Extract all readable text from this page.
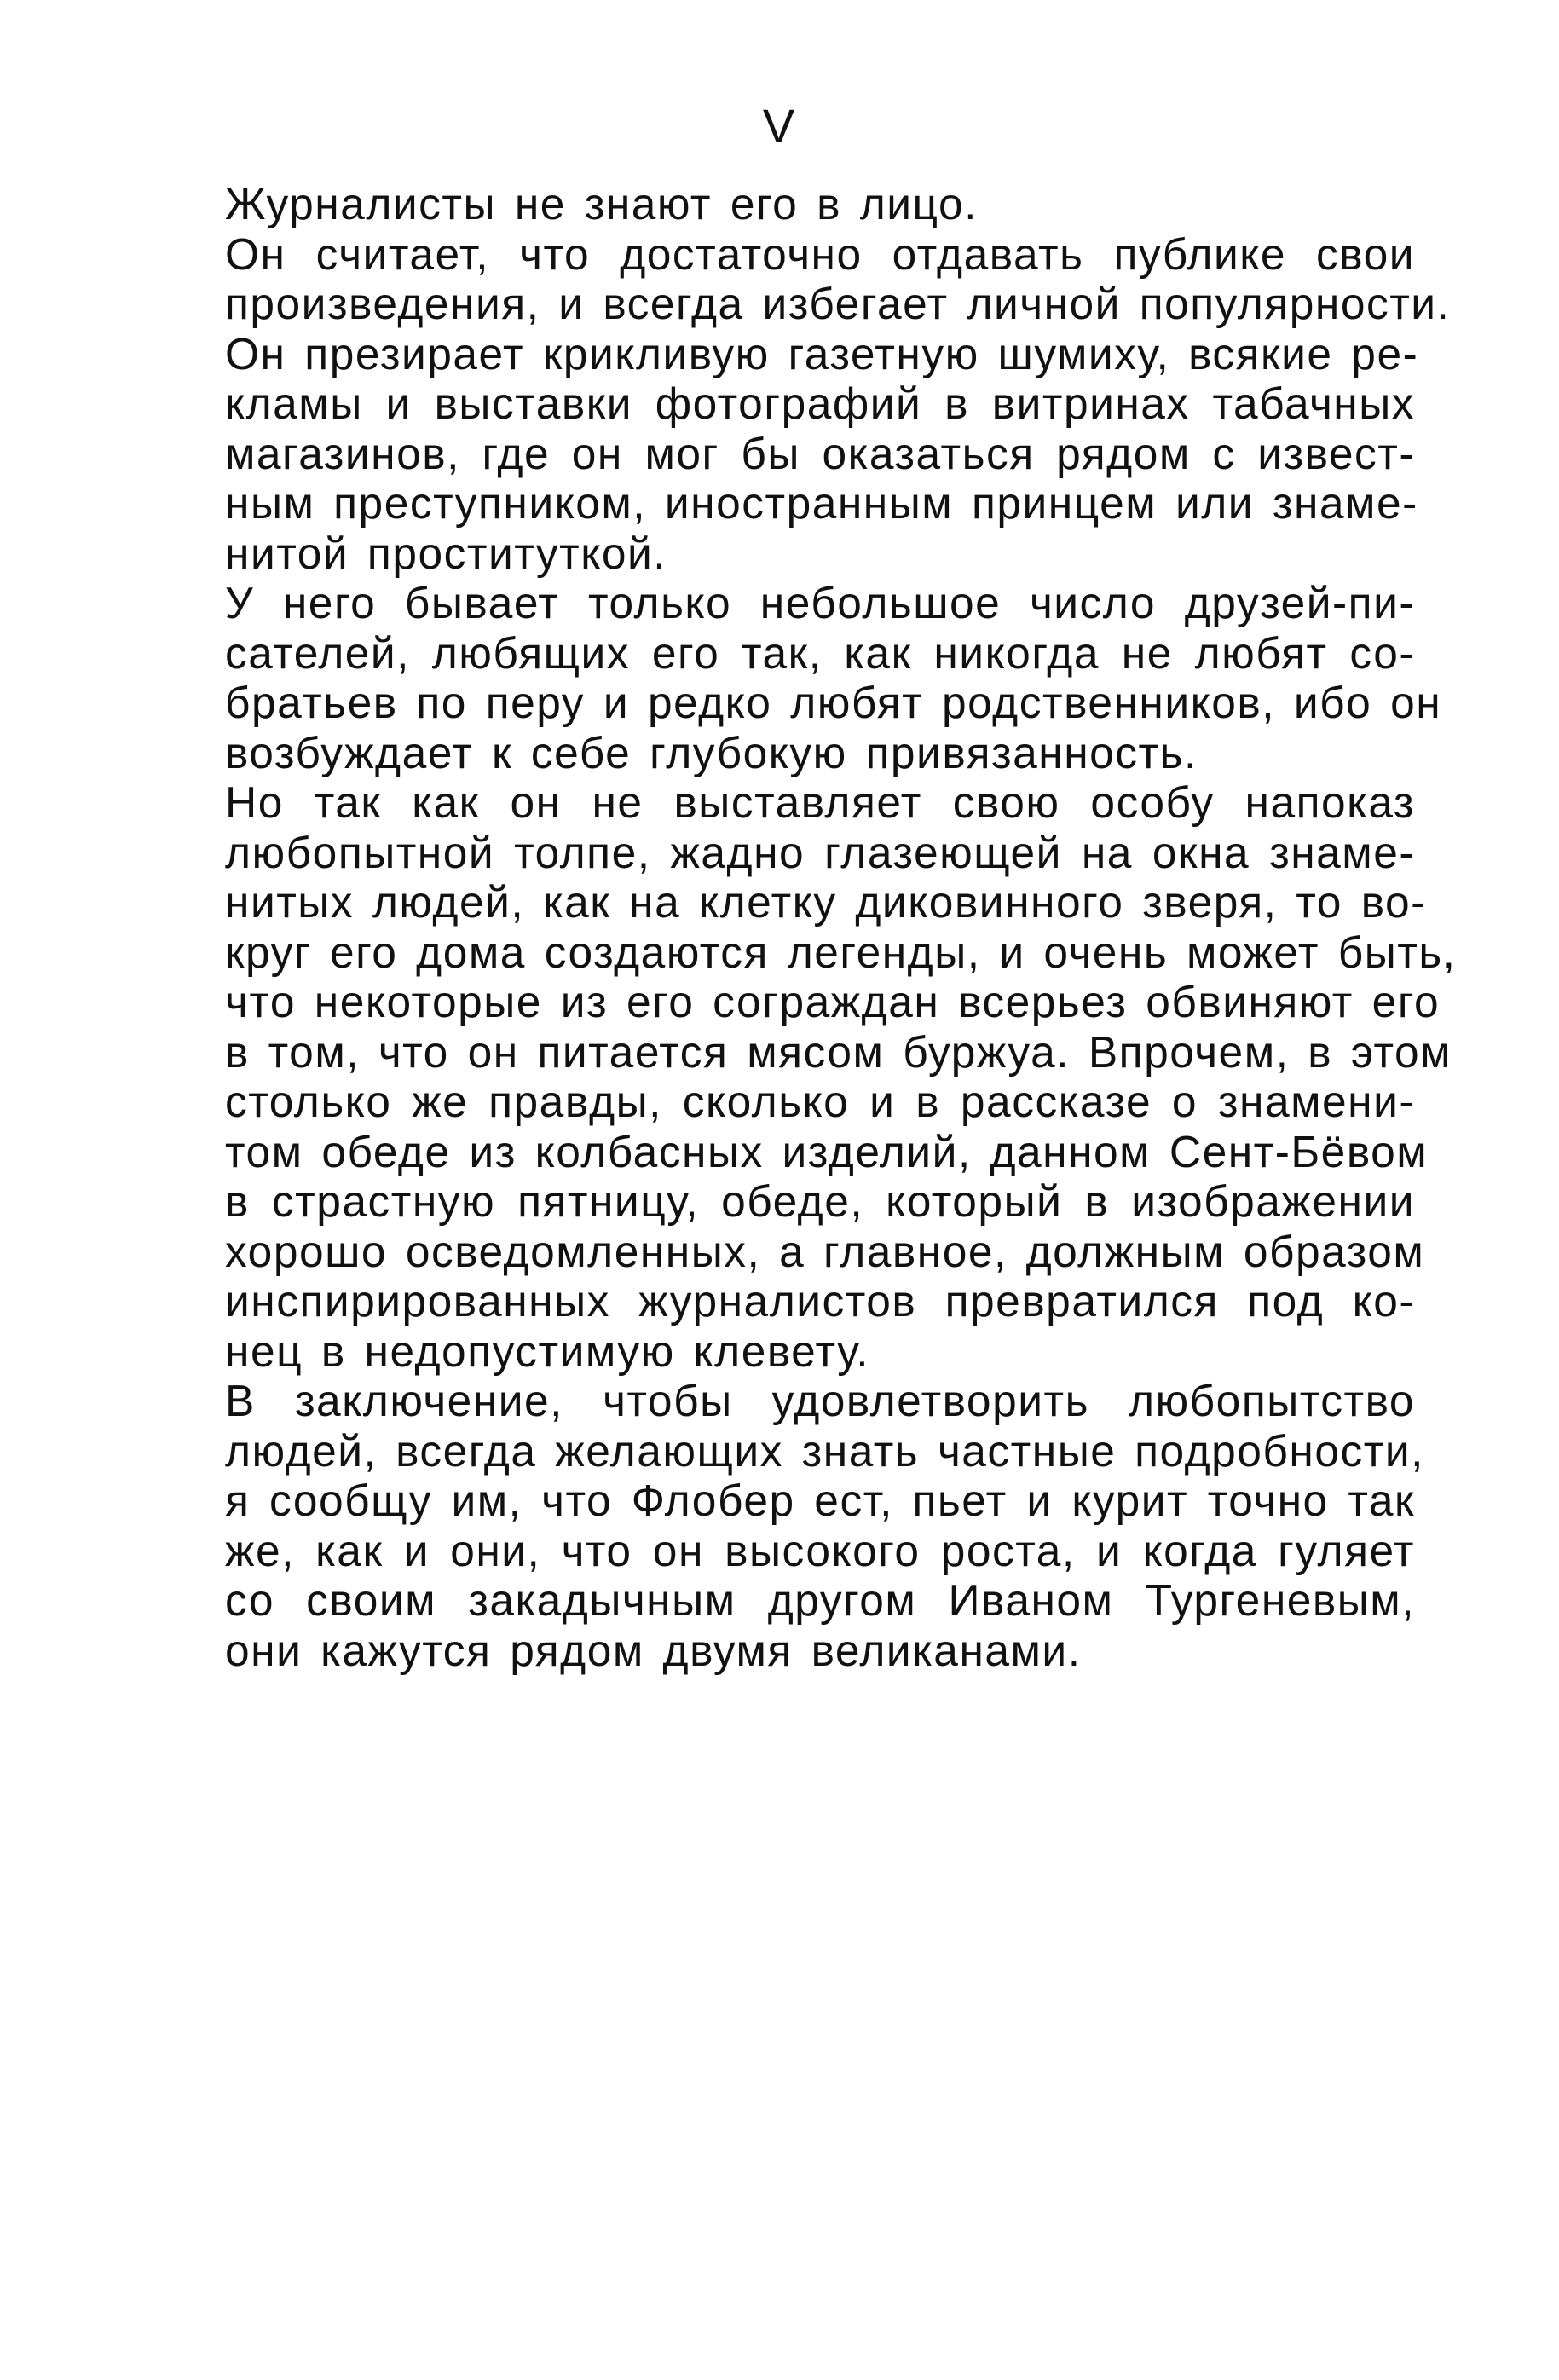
V

Журналисты не знают его в лицо.

Он считает, что достаточно отдавать публике свои
произведения, и всегда избегает личной популярности.
Он презирает крикливую газетную шумиху, всякие ре-
кламы и выставки фотографий в витринах табачных
магазинов, где он мог бы оказаться рядом с извест-
ным преступником, иностранным принцем или знаме-
нитой проституткой.

У него бывает только небольшое число друзей-пи-
сателей, любящих его так, как никогда не любят со-
братьев по перу и редко любят родственников, ибо он
возбуждает к себе глубокую привязанность.

Но так как он не выставляет свою особу напоказ
любопытной толпе, жадно глазеющей на окна знаме-
нитых людей, как на клетку диковинного зверя, то во-
круг его дома создаются легенды, и очень может быть,
что некоторые из его сограждан всерьез обвиняют его
в том, что он питается мясом буржуа. Впрочем, в этом
столько же правды, сколько и в рассказе о знамени-
том обеде из колбасных изделий, данном Сент-Бёвом
в страстную пятницу, обеде, который в изображении
хорошо осведомленных, а главное, должным образом
инспирированных журналистов превратился под ко-
нец в недопустимую клевету.

В заключение, чтобы удовлетворить любопытство
людей, всегда желающих знать частные подробности,
я сообщу им, что Флобер ест, пьет и курит точно так
же, как и они, что он высокого роста, и когда гуляет
со своим закадычным другом Иваном Тургеневым,
они кажутся рядом двумя великанами.
